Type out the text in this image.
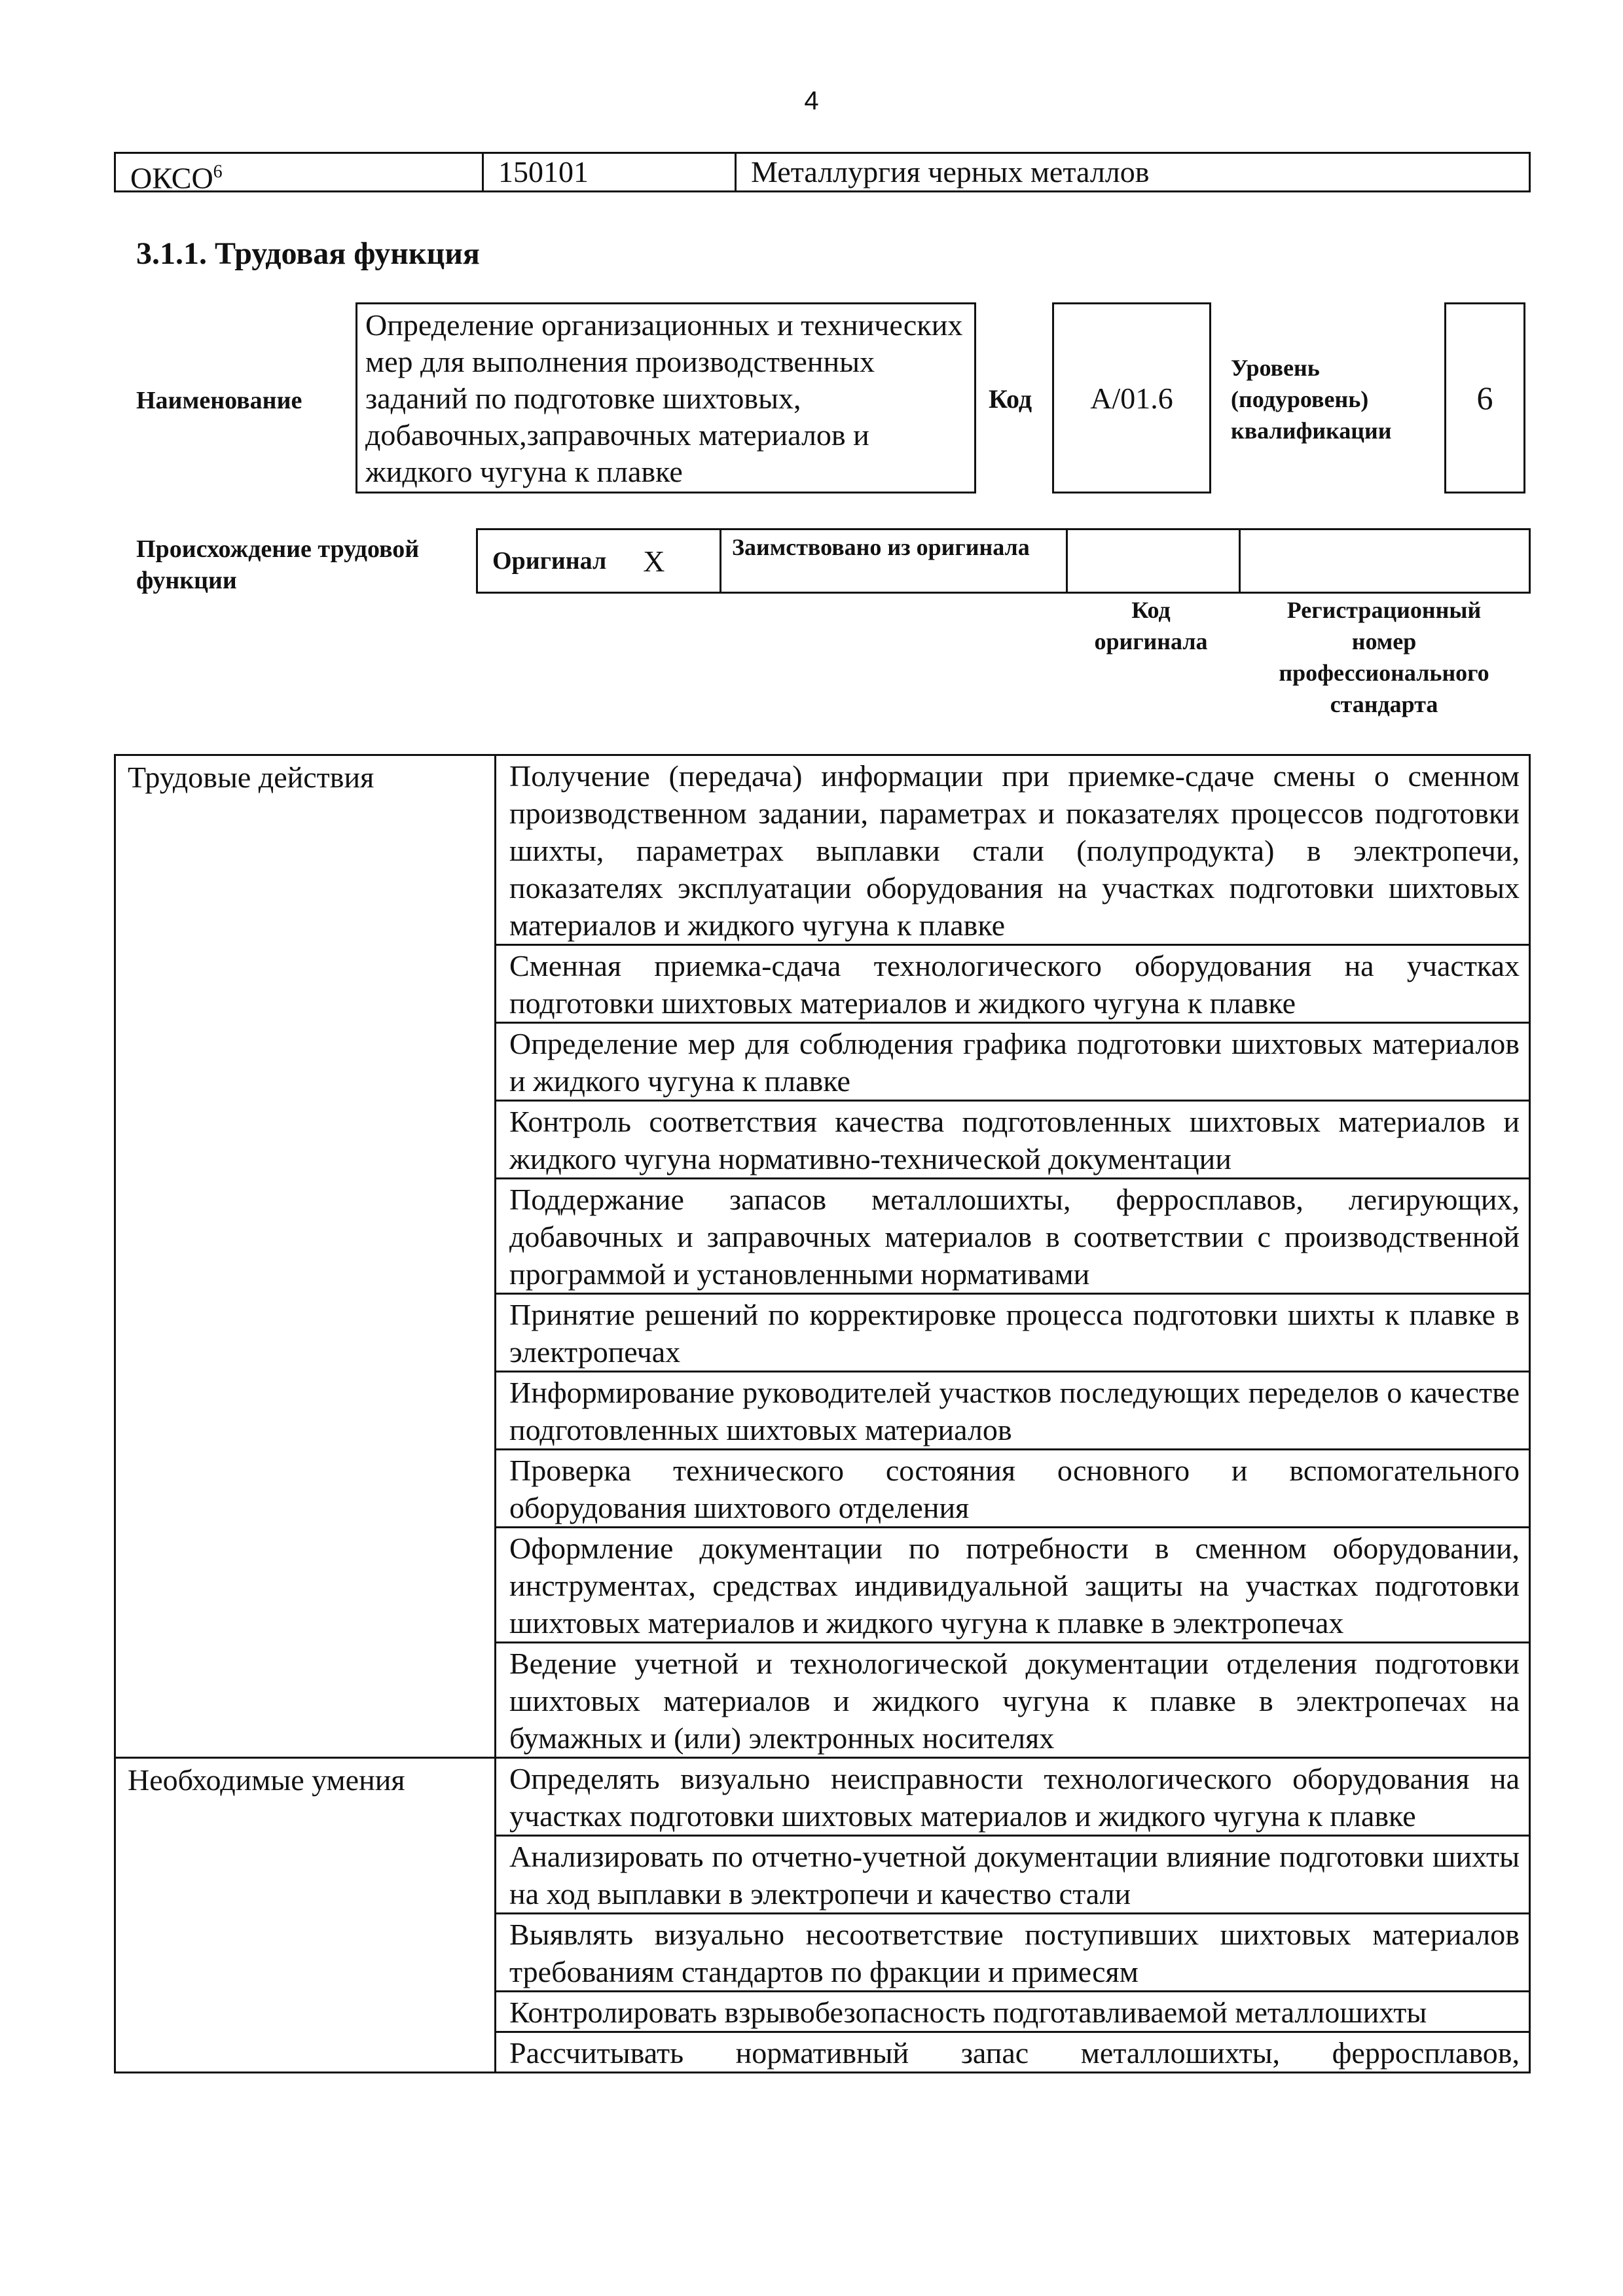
4
ОКСО$^6$	150101	Металлургия черных металлов
3.1.1. Трудовая функция
Наименование
Определение организационных и технических мер для выполнения производственных заданий по подготовке шихтовых, добавочных,заправочных материалов и жидкого чугуна к плавке
Код А/01.6
Уровень (подуровень) квалификации
6
Происхождение трудовой функции
Оригинал X	Заимствовано из оригинала
Код оригинала
Регистрационный номер профессионального стандарта
Трудовые действия	Получение (передача) информации при приемке-сдаче смены о сменном производственном задании, параметрах и показателях процессов подготовки шихты, параметрах выплавки стали (полупродукта) в электропечи, показателях эксплуатации оборудования на участках подготовки шихтовых материалов и жидкого чугуна к плавке
	Сменная приемка-сдача технологического оборудования на участках подготовки шихтовых материалов и жидкого чугуна к плавке
	Определение мер для соблюдения графика подготовки шихтовых материалов и жидкого чугуна к плавке
	Контроль соответствия качества подготовленных шихтовых материалов и жидкого чугуна нормативно-технической документации
	Поддержание запасов металлошихты, ферросплавов, легирующих, добавочных и заправочных материалов в соответствии с производственной программой и установленными нормативами
	Принятие решений по корректировке процесса подготовки шихты к плавке в электропечах
	Информирование руководителей участков последующих переделов о качестве подготовленных шихтовых материалов
	Проверка технического состояния основного и вспомогательного оборудования шихтового отделения
	Оформление документации по потребности в сменном оборудовании, инструментах, средствах индивидуальной защиты на участках подготовки шихтовых материалов и жидкого чугуна к плавке в электропечах
	Ведение учетной и технологической документации отделения подготовки шихтовых материалов и жидкого чугуна к плавке в электропечах на бумажных и (или) электронных носителях
Необходимые умения	Определять визуально неисправности технологического оборудования на участках подготовки шихтовых материалов и жидкого чугуна к плавке
	Анализировать по отчетно-учетной документации влияние подготовки шихты на ход выплавки в электропечи и качество стали
	Выявлять визуально несоответствие поступивших шихтовых материалов требованиям стандартов по фракции и примесям
	Контролировать взрывобезопасность подготавливаемой металлошихты
	Рассчитывать нормативный запас металлошихты, ферросплавов,
